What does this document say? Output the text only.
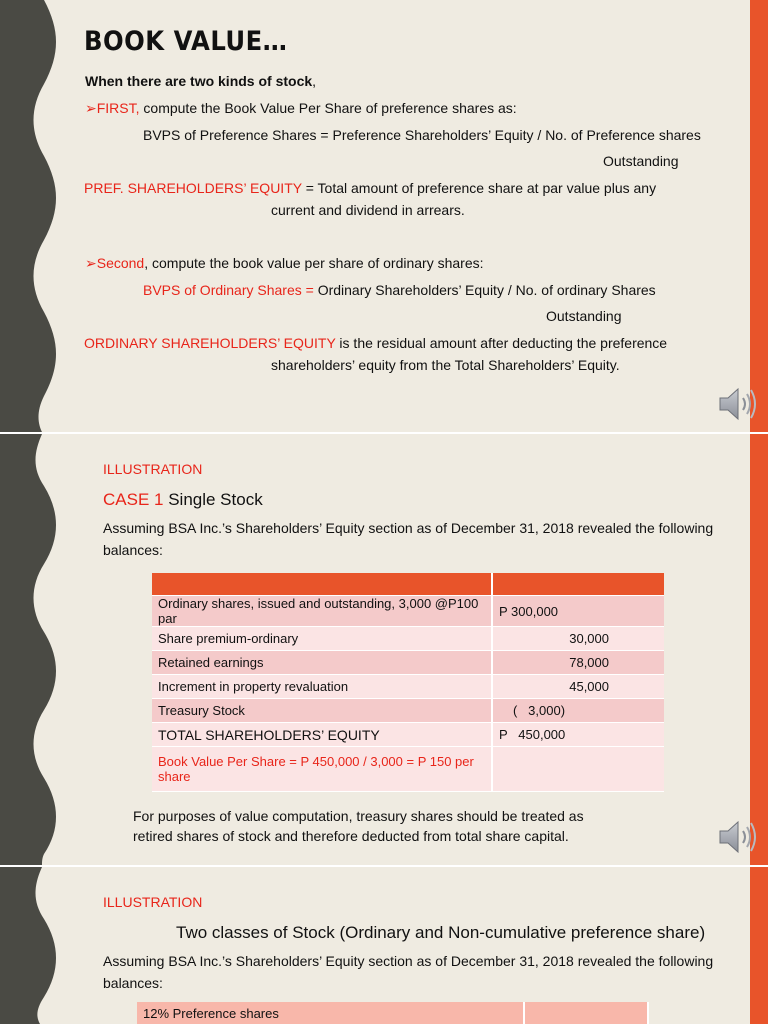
BOOK VALUE…
When there are two kinds of stock,
➢FIRST, compute the Book Value Per Share of preference shares as:
BVPS of Preference Shares = Preference Shareholders’ Equity / No. of Preference shares
Outstanding
PREF. SHAREHOLDERS’ EQUITY = Total amount of preference share at par value plus any
current and dividend in arrears.
➢Second, compute the book value per share of ordinary shares:
BVPS of Ordinary Shares = Ordinary Shareholders’ Equity / No. of ordinary Shares
Outstanding
ORDINARY SHAREHOLDERS’ EQUITY is the residual amount after deducting the preference
shareholders’ equity from the Total Shareholders’ Equity.
ILLUSTRATION
CASE 1 Single Stock
Assuming BSA Inc.’s Shareholders’ Equity section as of December 31, 2018 revealed the following
balances:

Ordinary shares, issued and outstanding, 3,000 @P100 par	P 300,000
Share premium-ordinary	30,000
Retained earnings	78,000
Increment in property revaluation	45,000
Treasury Stock	(   3,000)
TOTAL SHAREHOLDERS’ EQUITY	P   450,000
Book Value Per Share = P 450,000 / 3,000 = P 150 per share	
For purposes of value computation, treasury shares should be treated as
retired shares of stock and therefore deducted from total share capital.
ILLUSTRATION
Two classes of Stock (Ordinary and Non-cumulative preference share)
Assuming BSA Inc.’s Shareholders’ Equity section as of December 31, 2018 revealed the following
balances:
12% Preference shares	
